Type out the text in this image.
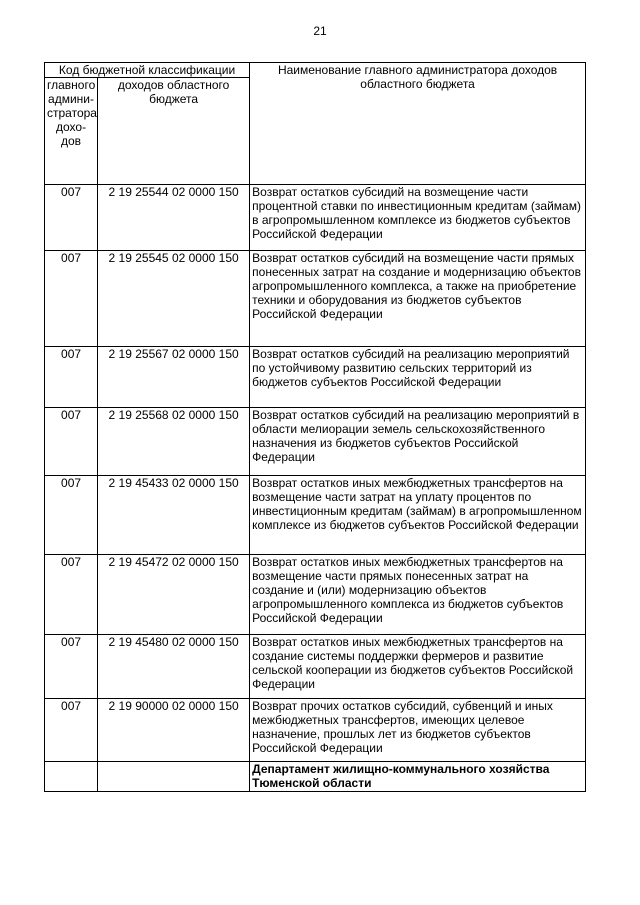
21
Код бюджетной классификации		Наименование главного администратора доходов областного бюджета
главного админи-стратора дохо-дов	доходов областного бюджета	
007	2 19 25544 02 0000 150	Возврат остатков субсидий на возмещение части процентной ставки по инвестиционным кредитам (займам) в агропромышленном комплексе из бюджетов субъектов Российской Федерации
007	2 19 25545 02 0000 150	Возврат остатков субсидий на возмещение части прямых понесенных затрат на создание и модернизацию объектов агропромышленного комплекса, а также на приобретение техники и оборудования из бюджетов субъектов Российской Федерации
007	2 19 25567 02 0000 150	Возврат остатков субсидий на реализацию мероприятий по устойчивому развитию сельских территорий из бюджетов субъектов Российской Федерации
007	2 19 25568 02 0000 150	Возврат остатков субсидий на реализацию мероприятий в области мелиорации земель сельскохозяйственного назначения из бюджетов субъектов Российской Федерации
007	2 19 45433 02 0000 150	Возврат остатков иных межбюджетных трансфертов на возмещение части затрат на уплату процентов по инвестиционным кредитам (займам) в агропромышленном комплексе из бюджетов субъектов Российской Федерации
007	2 19 45472 02 0000 150	Возврат остатков иных межбюджетных трансфертов на возмещение части прямых понесенных затрат на создание и (или) модернизацию объектов агропромышленного комплекса из бюджетов субъектов Российской Федерации
007	2 19 45480 02 0000 150	Возврат остатков иных межбюджетных трансфертов на создание системы поддержки фермеров и развитие сельской кооперации из бюджетов субъектов Российской Федерации
007	2 19 90000 02 0000 150	Возврат прочих остатков субсидий, субвенций и иных межбюджетных трансфертов, имеющих целевое назначение, прошлых лет из бюджетов субъектов Российской Федерации
		Департамент жилищно-коммунального хозяйства Тюменской области
